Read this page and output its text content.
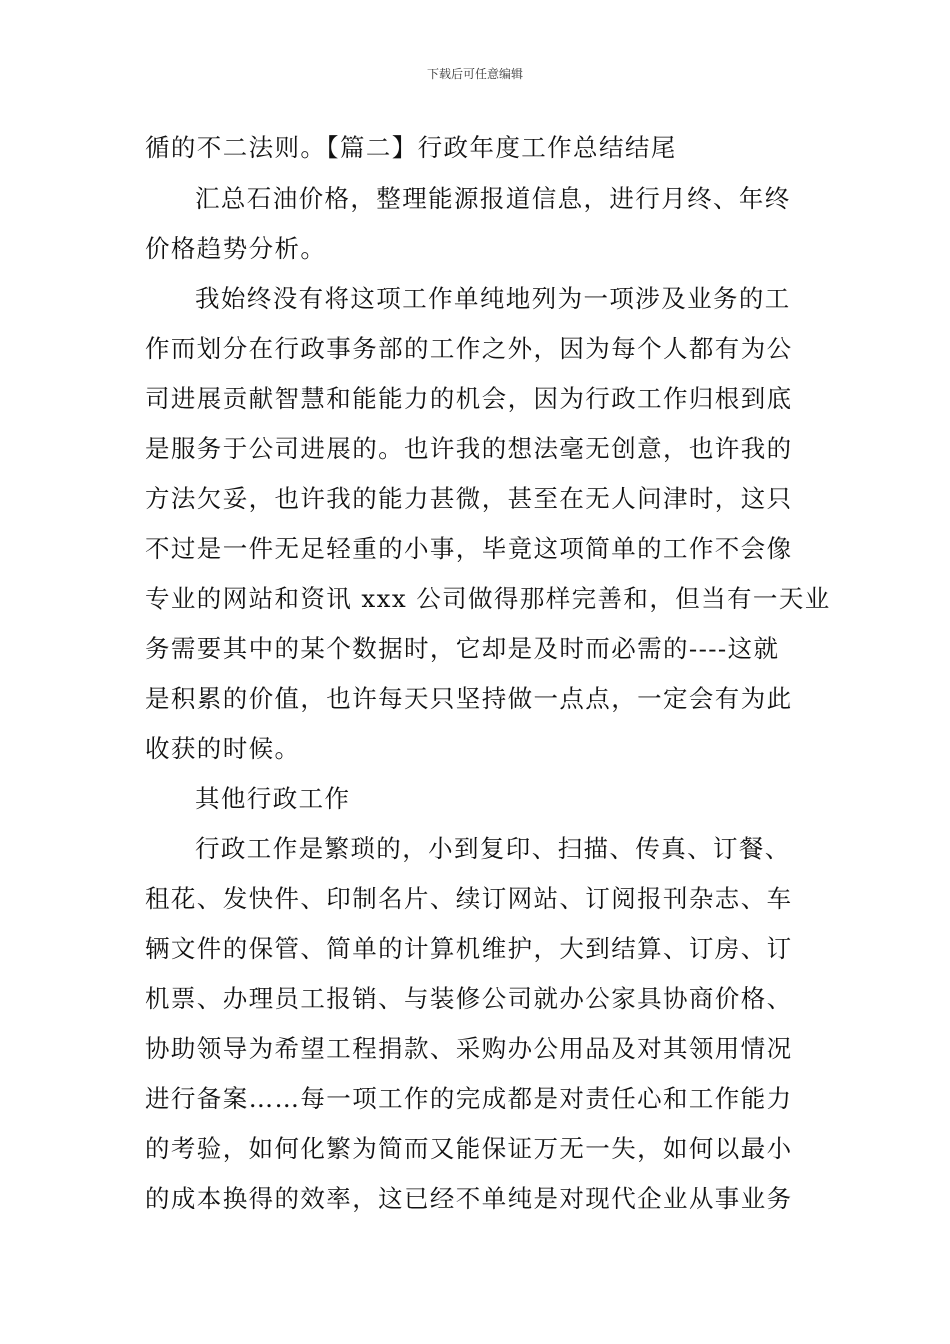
下载后可任意编辑
循的不二法则。【篇二】行政年度工作总结结尾
汇总石油价格，整理能源报道信息，进行月终、年终
价格趋势分析。
我始终没有将这项工作单纯地列为一项涉及业务的工
作而划分在行政事务部的工作之外，因为每个人都有为公
司进展贡献智慧和能能力的机会，因为行政工作归根到底
是服务于公司进展的。也许我的想法毫无创意，也许我的
方法欠妥，也许我的能力甚微，甚至在无人问津时，这只
不过是一件无足轻重的小事，毕竟这项简单的工作不会像
专业的网站和资讯 xxx 公司做得那样完善和，但当有一天业
务需要其中的某个数据时，它却是及时而必需的----这就
是积累的价值，也许每天只坚持做一点点，一定会有为此
收获的时候。
其他行政工作
行政工作是繁琐的，小到复印、扫描、传真、订餐、
租花、发快件、印制名片、续订网站、订阅报刊杂志、车
辆文件的保管、简单的计算机维护，大到结算、订房、订
机票、办理员工报销、与装修公司就办公家具协商价格、
协助领导为希望工程捐款、采购办公用品及对其领用情况
进行备案……每一项工作的完成都是对责任心和工作能力
的考验，如何化繁为简而又能保证万无一失，如何以最小
的成本换得的效率，这已经不单纯是对现代企业从事业务
